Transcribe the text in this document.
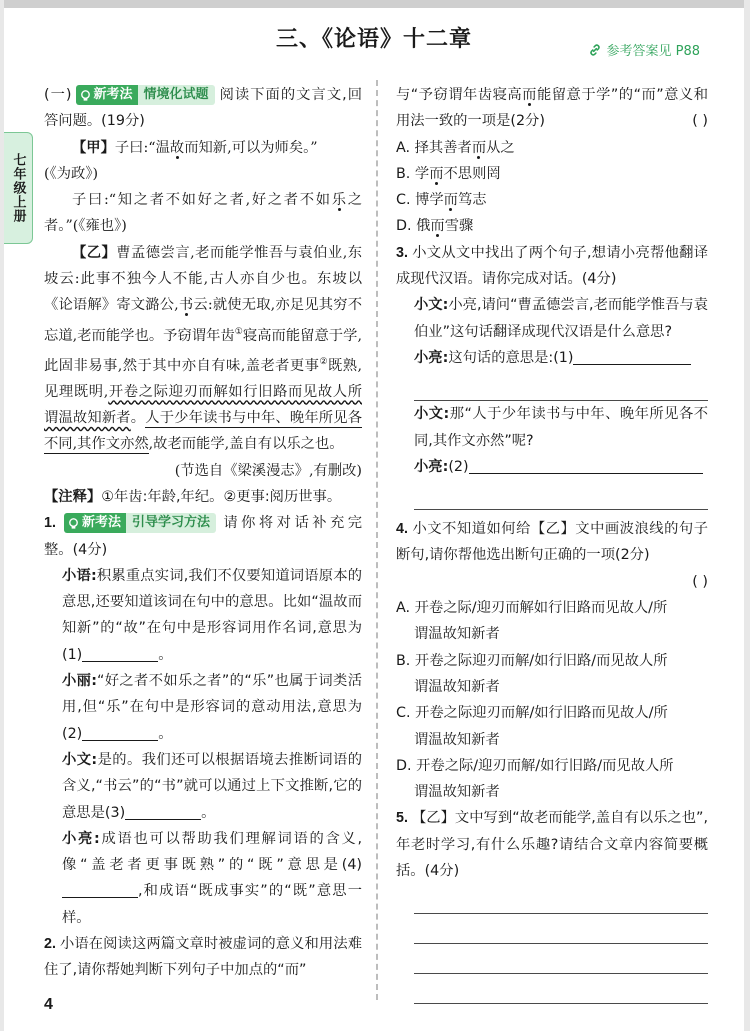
三、《论语》十二章	参考答案见 P88
七年级上册

(一) 新考法 情境化试题 阅读下面的文言文,回答问题。(19分)

【甲】子曰:“温故而知新,可以为师矣。”

(《为政》)

子曰:“知之者不如好之者,好之者不如乐之者。”(《雍也》)

【乙】曹孟德尝言,老而能学惟吾与袁伯业,东坡云:此事不独今人不能,古人亦自少也。东坡以《论语解》寄文潞公,书云:就使无取,亦足见其穷不忘道,老而能学也。予窃谓年齿①寝高而能留意于学,此固非易事,然于其中亦自有味,盖老者更事②既熟,见理既明,开卷之际迎刃而解如行旧路而见故人所谓温故知新者。人于少年读书与中年、晚年所见各不同,其作文亦然,故老而能学,盖自有以乐之也。

(节选自《梁溪漫志》,有删改)

【注释】①年齿:年龄,年纪。②更事:阅历世事。

1. 新考法 引导学习方法 请你将对话补充完整。(4分)

小语:积累重点实词,我们不仅要知道词语原本的意思,还要知道该词在句中的意思。比如“温故而知新”的“故”在句中是形容词用作名词,意思为(1)	。

小丽:“好之者不如乐之者”的“乐”也属于词类活用,但“乐”在句中是形容词的意动用法,意思为(2)	。

小文:是的。我们还可以根据语境去推断词语的含义,“书云”的“书”就可以通过上下文推断,它的意思是(3)	。

小亮:成语也可以帮助我们理解词语的含义,像“盖老者更事既熟”的“既”意思是(4),和成语“既成事实”的“既”意思一样。

2. 小语在阅读这两篇文章时被虚词的意义和用法难住了,请你帮她判断下列句子中加点的“而”

与“予窃谓年齿寝高而能留意于学”的“而”意义和用法一致的一项是(2分)	( )

A. 择其善者而从之

B. 学而不思则罔

C. 博学而笃志

D. 俄而雪骤

3. 小文从文中找出了两个句子,想请小亮帮他翻译成现代汉语。请你完成对话。(4分)

小文:小亮,请问“曹孟德尝言,老而能学惟吾与袁伯业”这句话翻译成现代汉语是什么意思?

小亮:这句话的意思是:(1)

小文:那“人于少年读书与中年、晚年所见各不同,其作文亦然”呢?

小亮:(2)

4. 小文不知道如何给【乙】文中画波浪线的句子断句,请你帮他选出断句正确的一项(2分)

( )

A. 开卷之际/迎刃而解如行旧路而见故人/所

谓温故知新者

B. 开卷之际迎刃而解/如行旧路/而见故人所

谓温故知新者

C. 开卷之际迎刃而解/如行旧路而见故人/所

谓温故知新者

D. 开卷之际/迎刃而解/如行旧路/而见故人所

谓温故知新者

5. 【乙】文中写到“故老而能学,盖自有以乐之也”,年老时学习,有什么乐趣?请结合文章内容简要概括。(4分)

4
